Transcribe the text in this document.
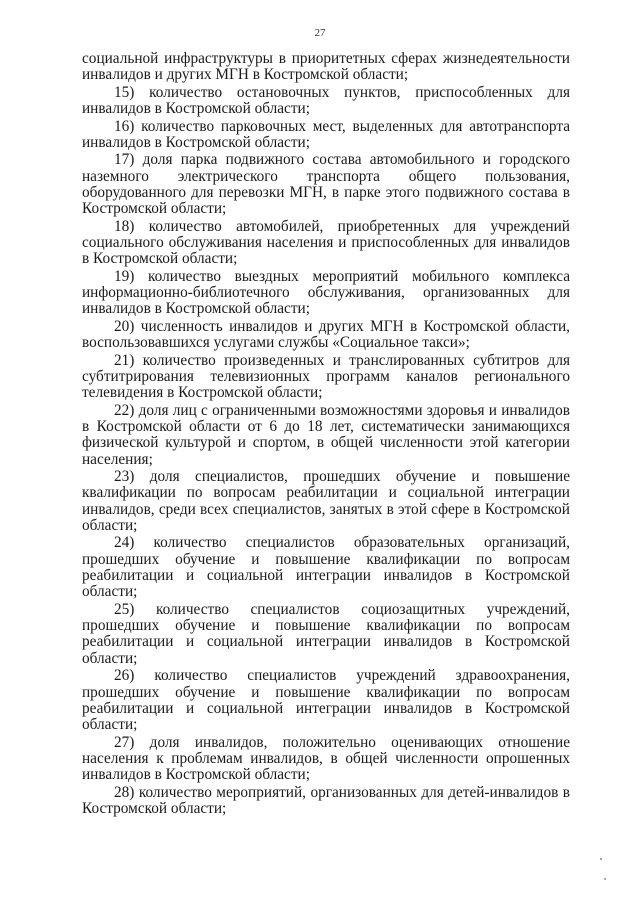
27

социальной инфраструктуры в приоритетных сферах жизнедеятельности инвалидов и других МГН в Костромской области;

15) количество остановочных пунктов, приспособленных для инвалидов в Костромской области;

16) количество парковочных мест, выделенных для автотранспорта инвалидов в Костромской области;

17) доля парка подвижного состава автомобильного и городского наземного электрического транспорта общего пользования, оборудованного для перевозки МГН, в парке этого подвижного состава в Костромской области;

18) количество автомобилей, приобретенных для учреждений социального обслуживания населения и приспособленных для инвалидов в Костромской области;

19) количество выездных мероприятий мобильного комплекса информационно-библиотечного обслуживания, организованных для инвалидов в Костромской области;

20) численность инвалидов и других МГН в Костромской области, воспользовавшихся услугами службы «Социальное такси»;

21) количество произведенных и транслированных субтитров для субтитрирования телевизионных программ каналов регионального телевидения в Костромской области;

22) доля лиц с ограниченными возможностями здоровья и инвалидов в Костромской области от 6 до 18 лет, систематически занимающихся физической культурой и спортом, в общей численности этой категории населения;

23) доля специалистов, прошедших обучение и повышение квалификации по вопросам реабилитации и социальной интеграции инвалидов, среди всех специалистов, занятых в этой сфере в Костромской области;

24) количество специалистов образовательных организаций, прошедших обучение и повышение квалификации по вопросам реабилитации и социальной интеграции инвалидов в Костромской области;

25) количество специалистов социозащитных учреждений, прошедших обучение и повышение квалификации по вопросам реабилитации и социальной интеграции инвалидов в Костромской области;

26) количество специалистов учреждений здравоохранения, прошедших обучение и повышение квалификации по вопросам реабилитации и социальной интеграции инвалидов в Костромской области;

27) доля инвалидов, положительно оценивающих отношение населения к проблемам инвалидов, в общей численности опрошенных инвалидов в Костромской области;

28) количество мероприятий, организованных для детей-инвалидов в Костромской области;
